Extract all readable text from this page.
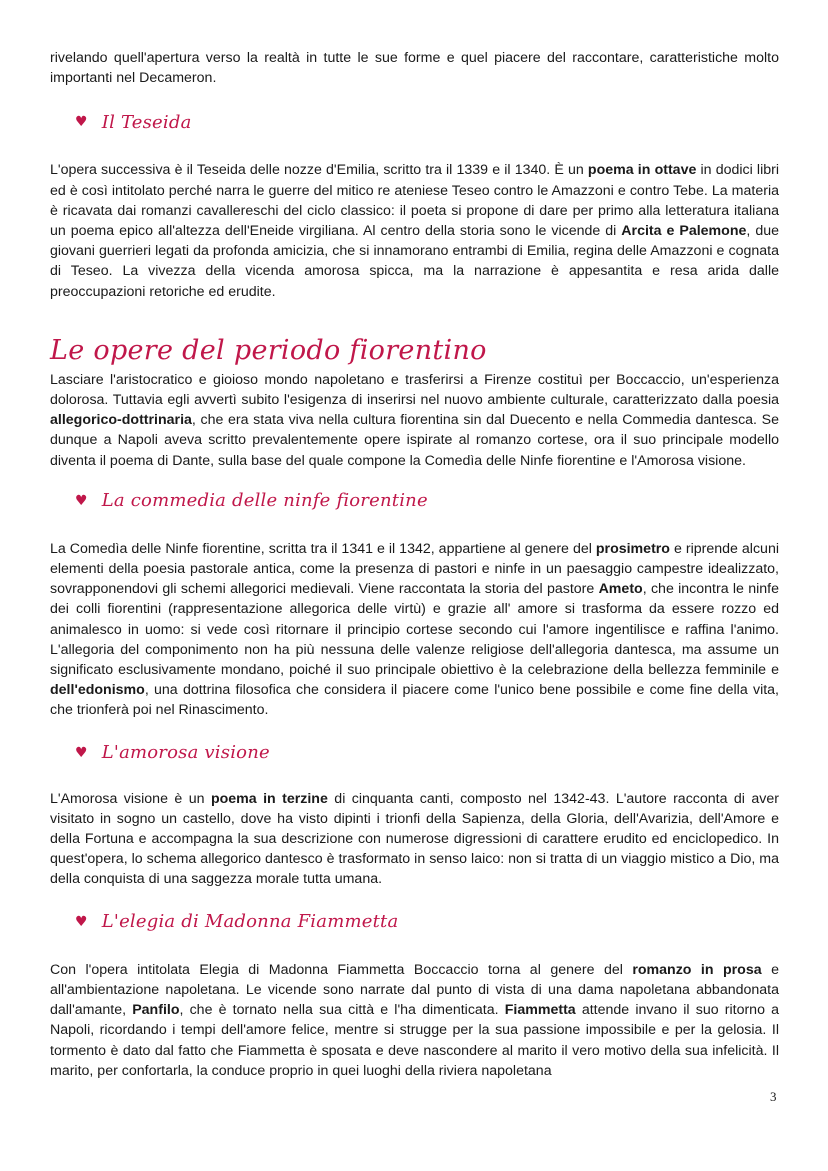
rivelando quell'apertura verso la realtà in tutte le sue forme e quel piacere del raccontare, caratteristiche molto importanti nel Decameron.

♥ Il Teseida

L'opera successiva è il Teseida delle nozze d'Emilia, scritto tra il 1339 e il 1340. È un poema in ottave in dodici libri ed è così intitolato perché narra le guerre del mitico re ateniese Teseo contro le Amazzoni e contro Tebe. La materia è ricavata dai romanzi cavallereschi del ciclo classico: il poeta si propone di dare per primo alla letteratura italiana un poema epico all'altezza dell'Eneide virgiliana. Al centro della storia sono le vicende di Arcita e Palemone, due giovani guerrieri legati da profonda amicizia, che si innamorano entrambi di Emilia, regina delle Amazzoni e cognata di Teseo. La vivezza della vicenda amorosa spicca, ma la narrazione è appesantita e resa arida dalle preoccupazioni retoriche ed erudite.

Le opere del periodo fiorentino

Lasciare l'aristocratico e gioioso mondo napoletano e trasferirsi a Firenze costituì per Boccaccio, un'esperienza dolorosa. Tuttavia egli avvertì subito l'esigenza di inserirsi nel nuovo ambiente culturale, caratterizzato dalla poesia allegorico-dottrinaria, che era stata viva nella cultura fiorentina sin dal Duecento e nella Commedia dantesca. Se dunque a Napoli aveva scritto prevalentemente opere ispirate al romanzo cortese, ora il suo principale modello diventa il poema di Dante, sulla base del quale compone la Comedìa delle Ninfe fiorentine e l'Amorosa visione.

♥ La commedia delle ninfe fiorentine

La Comedìa delle Ninfe fiorentine, scritta tra il 1341 e il 1342, appartiene al genere del prosimetro e riprende alcuni elementi della poesia pastorale antica, come la presenza di pastori e ninfe in un paesaggio campestre idealizzato, sovrapponendovi gli schemi allegorici medievali. Viene raccontata la storia del pastore Ameto, che incontra le ninfe dei colli fiorentini (rappresentazione allegorica delle virtù) e grazie all' amore si trasforma da essere rozzo ed animalesco in uomo: si vede così ritornare il principio cortese secondo cui l'amore ingentilisce e raffina l'animo. L'allegoria del componimento non ha più nessuna delle valenze religiose dell'allegoria dantesca, ma assume un significato esclusivamente mondano, poiché il suo principale obiettivo è la celebrazione della bellezza femminile e dell'edonismo, una dottrina filosofica che considera il piacere come l'unico bene possibile e come fine della vita, che trionferà poi nel Rinascimento.

♥ L'amorosa visione

L'Amorosa visione è un poema in terzine di cinquanta canti, composto nel 1342-43. L'autore racconta di aver visitato in sogno un castello, dove ha visto dipinti i trionfi della Sapienza, della Gloria, dell'Avarizia, dell'Amore e della Fortuna e accompagna la sua descrizione con numerose digressioni di carattere erudito ed enciclopedico. In quest'opera, lo schema allegorico dantesco è trasformato in senso laico: non si tratta di un viaggio mistico a Dio, ma della conquista di una saggezza morale tutta umana.

♥ L'elegia di Madonna Fiammetta

Con l'opera intitolata Elegia di Madonna Fiammetta Boccaccio torna al genere del romanzo in prosa e all'ambientazione napoletana. Le vicende sono narrate dal punto di vista di una dama napoletana abbandonata dall'amante, Panfilo, che è tornato nella sua città e l'ha dimenticata. Fiammetta attende invano il suo ritorno a Napoli, ricordando i tempi dell'amore felice, mentre si strugge per la sua passione impossibile e per la gelosia. Il tormento è dato dal fatto che Fiammetta è sposata e deve nascondere al marito il vero motivo della sua infelicità. Il marito, per confortarla, la conduce proprio in quei luoghi della riviera napoletana

3
